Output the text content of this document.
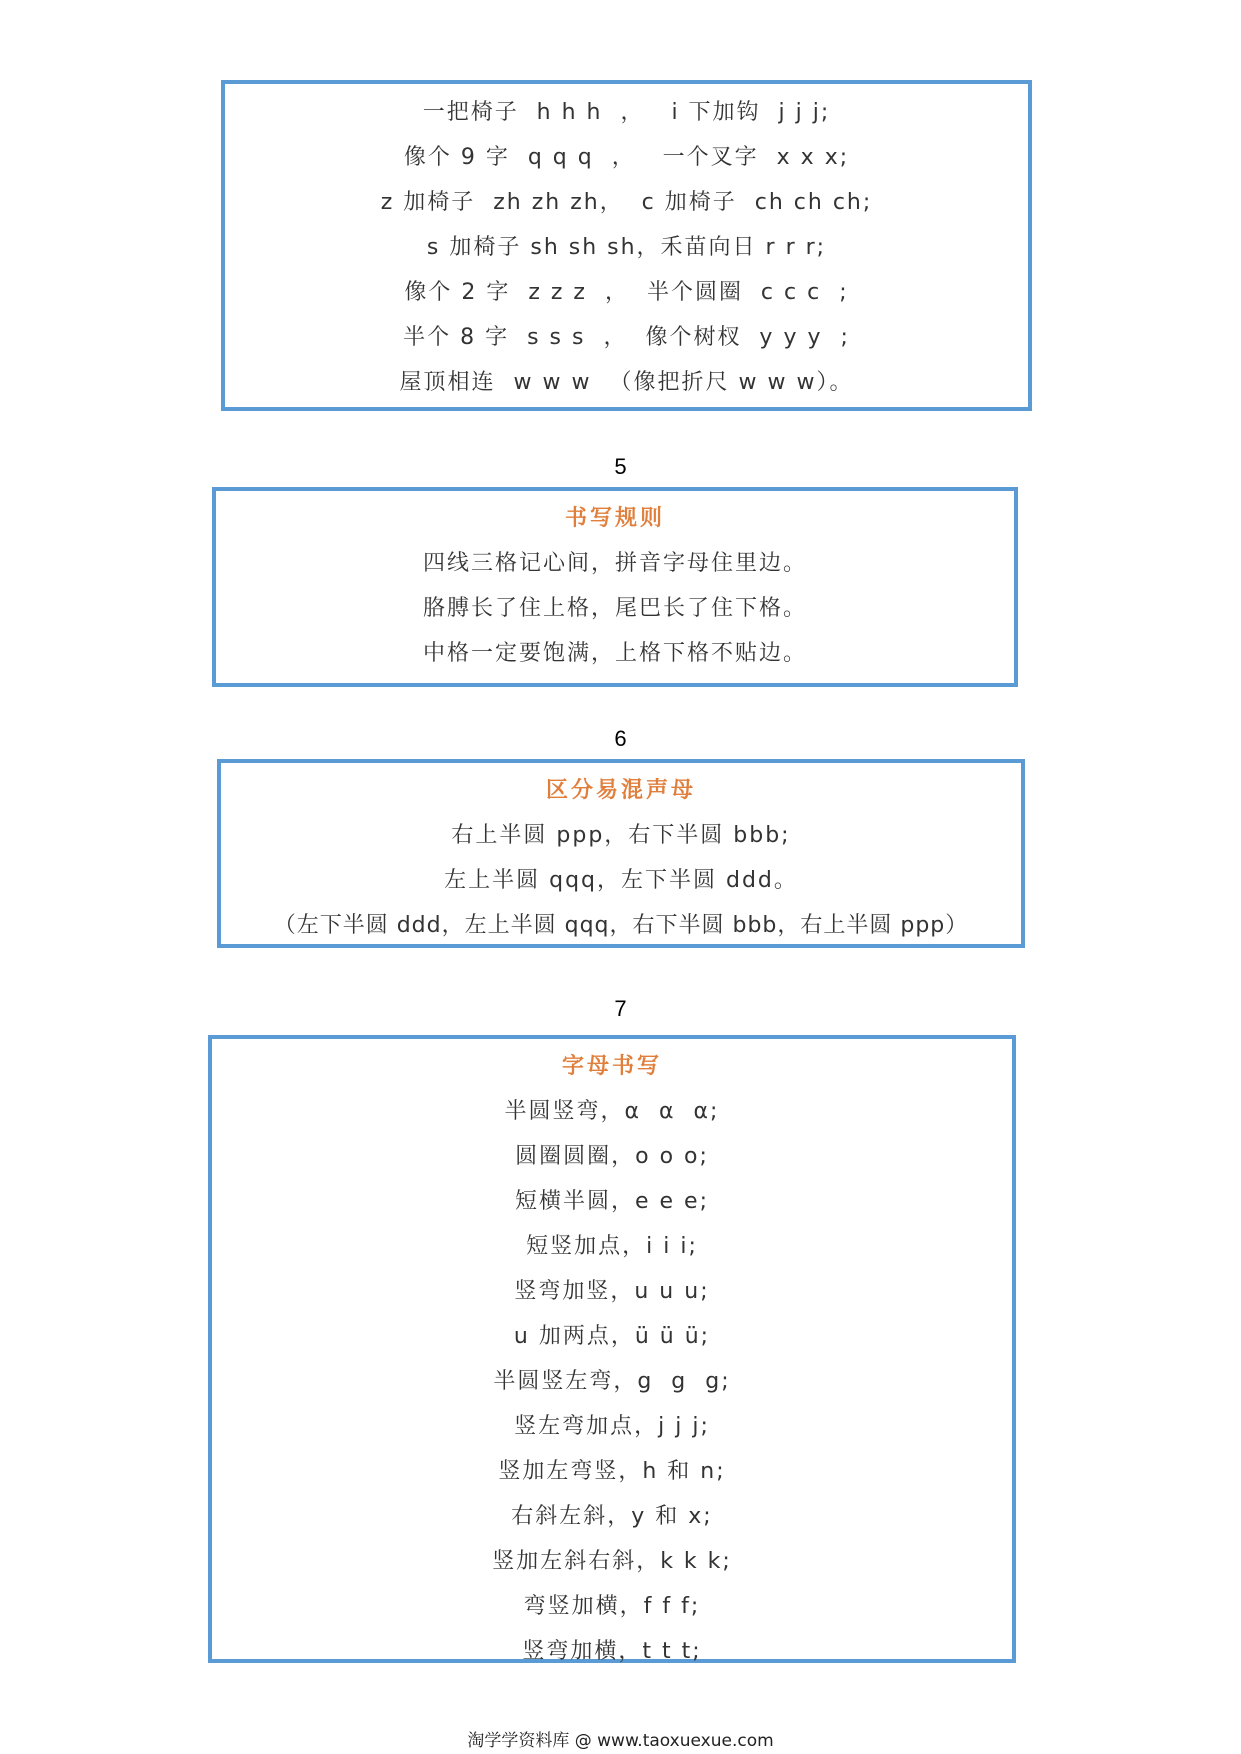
一把椅子  h h h  ，   i 下加钩  j j j;
像个 9 字  q q q  ，   一个叉字  x x x;
z 加椅子  zh zh zh，  c 加椅子  ch ch ch;
s 加椅子 sh sh sh，禾苗向日 r r r;
像个 2 字  z z z  ，  半个圆圈  c c c  ;
半个 8 字  s s s  ，  像个树杈  y y y  ;
屋顶相连  w w w  （像把折尺 w w w）。
5
书写规则
四线三格记心间，拼音字母住里边。
胳膊长了住上格，尾巴长了住下格。
中格一定要饱满，上格下格不贴边。
6
区分易混声母
右上半圆 ppp，右下半圆 bbb;
左上半圆 qqq，左下半圆 ddd。
（左下半圆 ddd，左上半圆 qqq，右下半圆 bbb，右上半圆 ppp）
7
字母书写
半圆竖弯，α  α  α;
圆圈圆圈，o o o;
短横半圆，e e e;
短竖加点，i i i;
竖弯加竖，u u u;
u 加两点，ü ü ü;
半圆竖左弯，g  g  g;
竖左弯加点，j j j;
竖加左弯竖，h 和 n;
右斜左斜，y 和 x;
竖加左斜右斜，k k k;
弯竖加横，f f f;
竖弯加横，t t t;
淘学学资料库 @ www.taoxuexue.com
